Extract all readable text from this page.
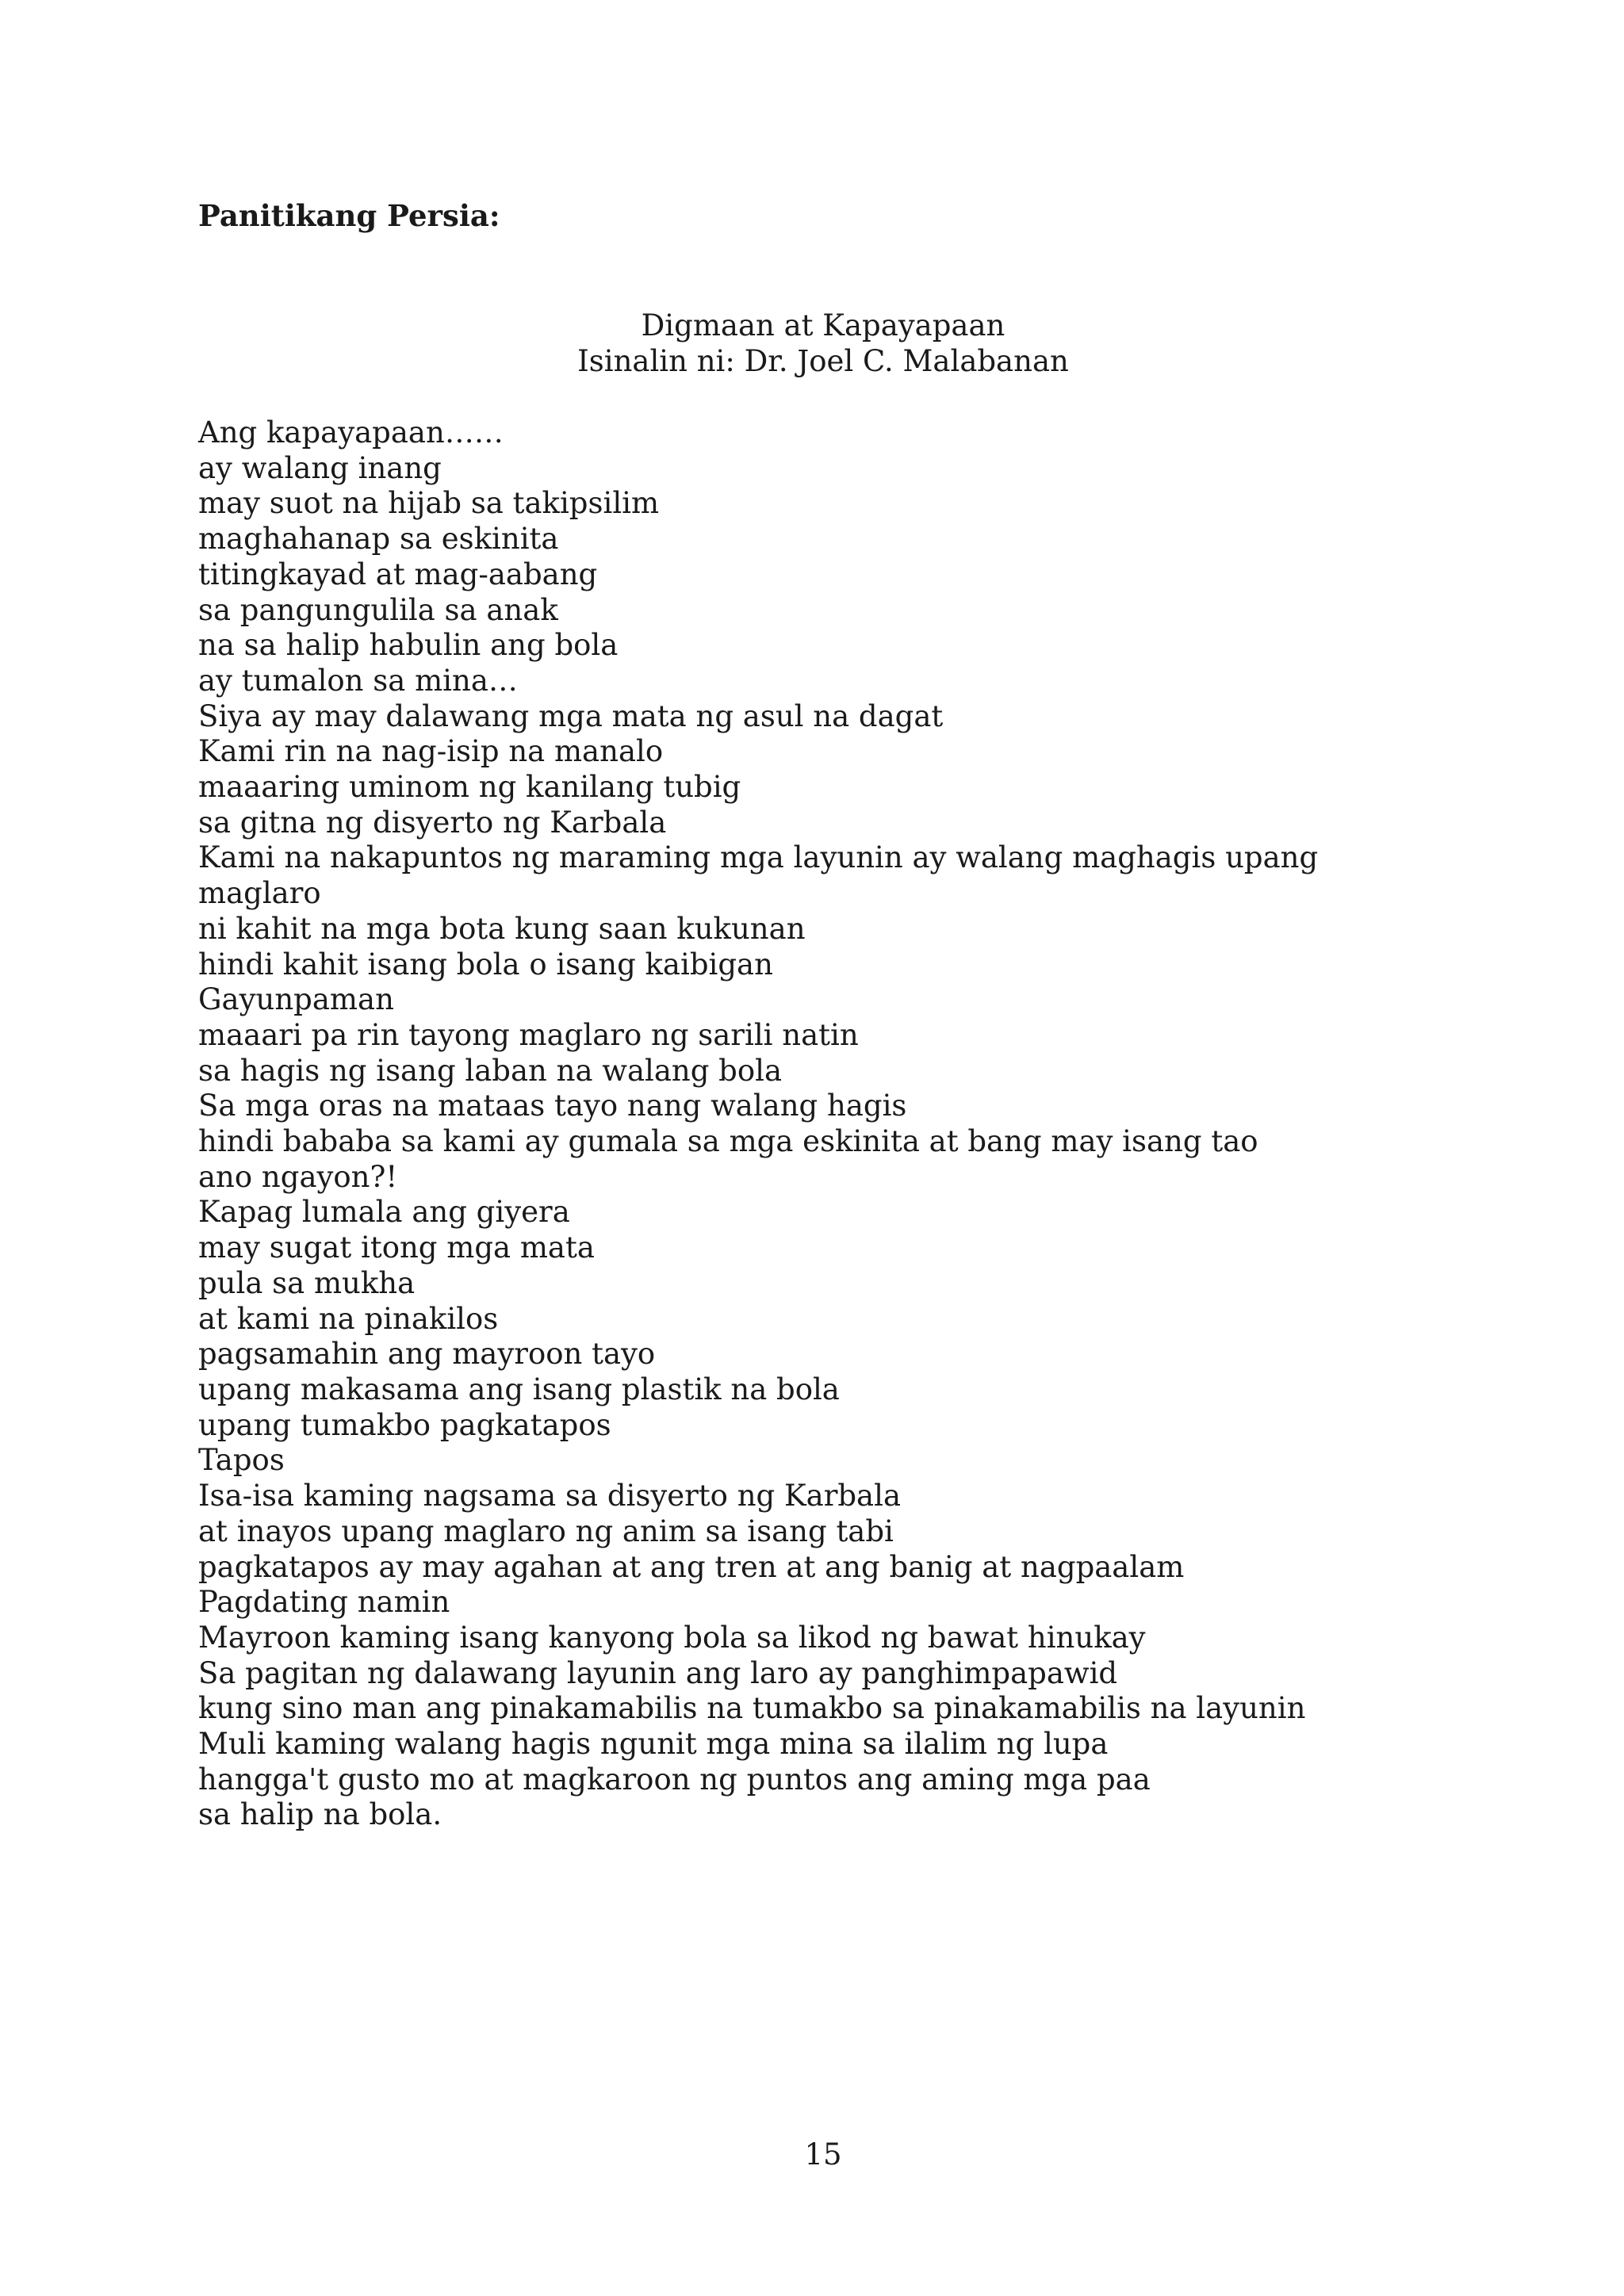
Panitikang Persia:
Digmaan at Kapayapaan
Isinalin ni: Dr. Joel C. Malabanan
Ang kapayapaan……
ay walang inang
may suot na hijab sa takipsilim
maghahanap sa eskinita
titingkayad at mag-aabang
sa pangungulila sa anak
na sa halip habulin ang bola
ay tumalon sa mina…
Siya ay may dalawang mga mata ng asul na dagat
Kami rin na nag-isip na manalo
maaaring uminom ng kanilang tubig
sa gitna ng disyerto ng Karbala
Kami na nakapuntos ng maraming mga layunin ay walang maghagis upang
maglaro
ni kahit na mga bota kung saan kukunan
hindi kahit isang bola o isang kaibigan
Gayunpaman
maaari pa rin tayong maglaro ng sarili natin
sa hagis ng isang laban na walang bola
Sa mga oras na mataas tayo nang walang hagis
hindi bababa sa kami ay gumala sa mga eskinita at bang may isang tao
ano ngayon?!
Kapag lumala ang giyera
may sugat itong mga mata
pula sa mukha
at kami na pinakilos
pagsamahin ang mayroon tayo
upang makasama ang isang plastik na bola
upang tumakbo pagkatapos
Tapos
Isa-isa kaming nagsama sa disyerto ng Karbala
at inayos upang maglaro ng anim sa isang tabi
pagkatapos ay may agahan at ang tren at ang banig at nagpaalam
Pagdating namin
Mayroon kaming isang kanyong bola sa likod ng bawat hinukay
Sa pagitan ng dalawang layunin ang laro ay panghimpapawid
kung sino man ang pinakamabilis na tumakbo sa pinakamabilis na layunin
Muli kaming walang hagis ngunit mga mina sa ilalim ng lupa
hangga't gusto mo at magkaroon ng puntos ang aming mga paa
sa halip na bola.
15
